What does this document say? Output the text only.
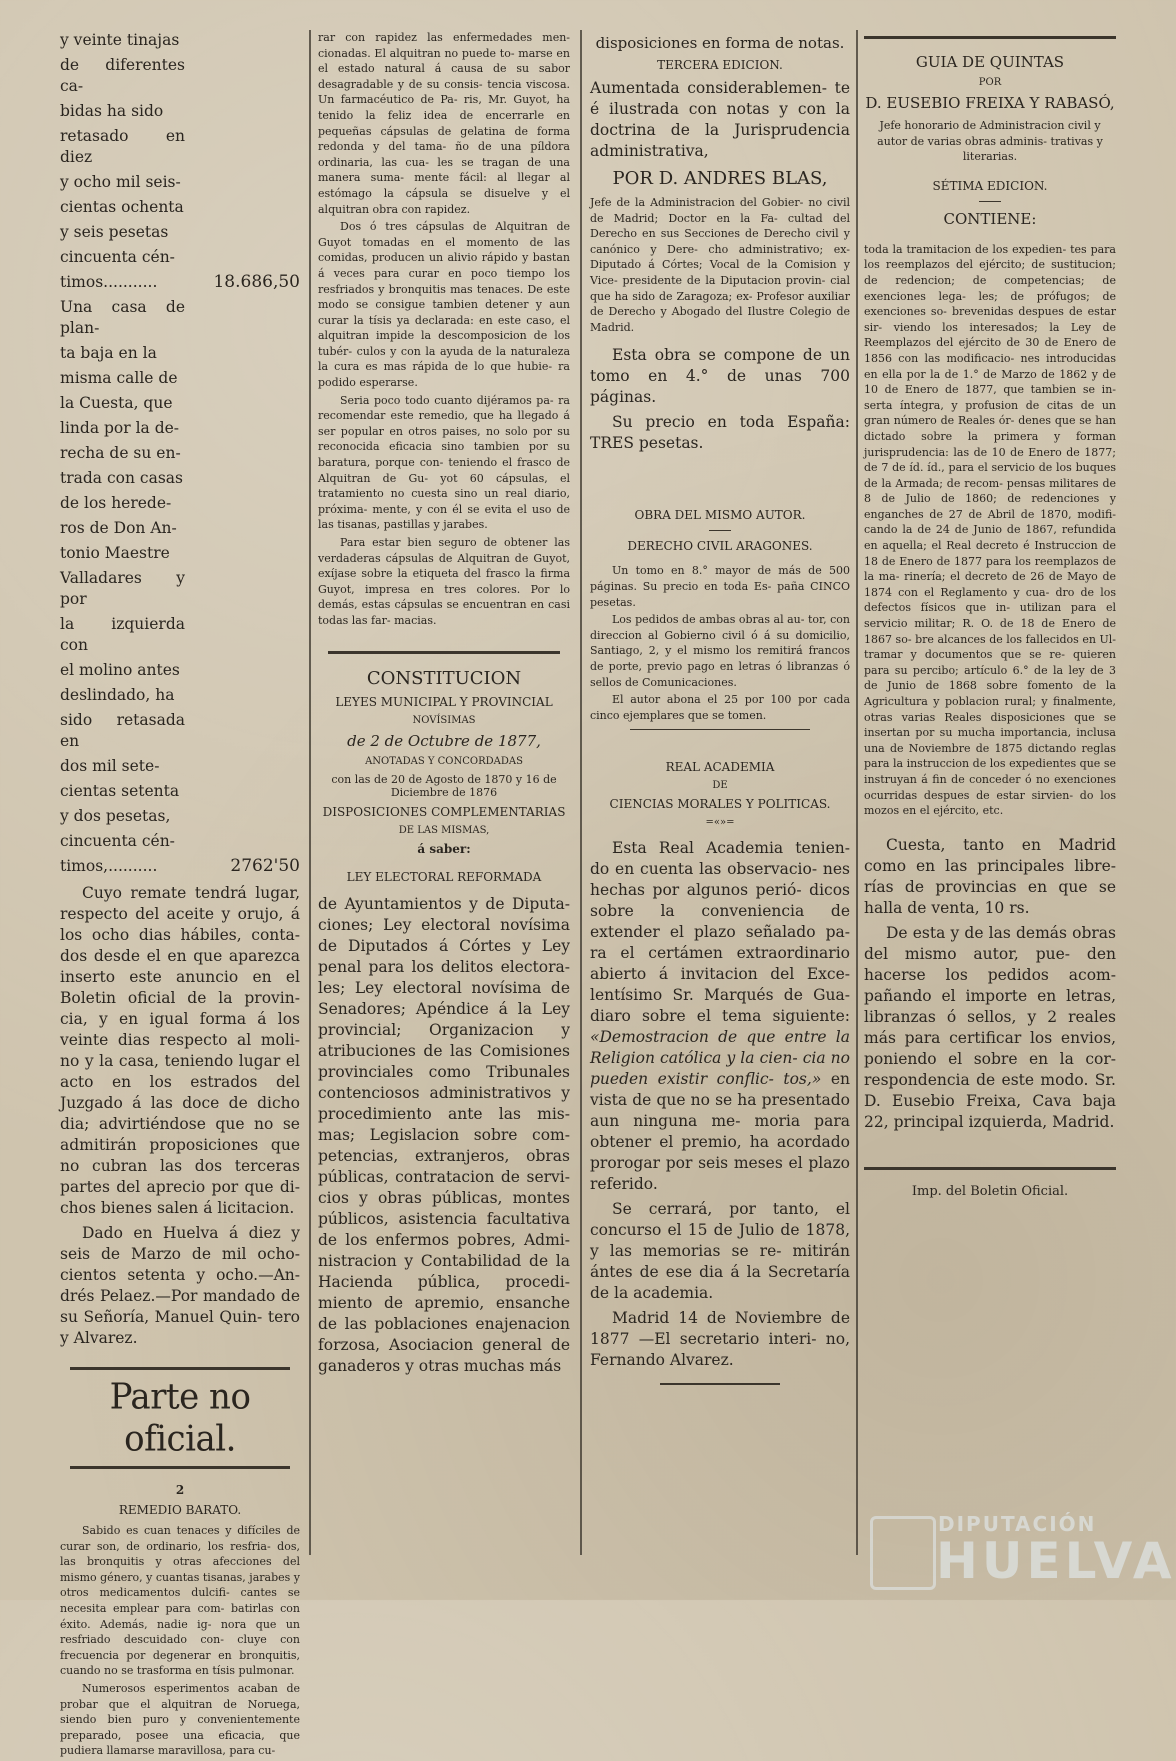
y veinte tinajas
de diferentes ca-
bidas ha sido
retasado en diez
y ocho mil seis-
cientas ochenta
y seis pesetas
cincuenta cén-
timos...........	18.686,50
Una casa de plan-
ta baja en la
misma calle de
la Cuesta, que
linda por la de-
recha de su en-
trada con casas
de los herede-
ros de Don An-
tonio Maestre
Valladares y por
la izquierda con
el molino antes
deslindado, ha
sido retasada en
dos mil sete-
cientas setenta
y dos pesetas,
cincuenta cén-
timos,..........	2762'50

Cuyo remate tendrá lugar, respecto del aceite y orujo, á los ocho dias hábiles, conta- dos desde el en que aparezca inserto este anuncio en el Boletin oficial de la provin- cia, y en igual forma á los veinte dias respecto al moli- no y la casa, teniendo lugar el acto en los estrados del Juzgado á las doce de dicho dia; advirtiéndose que no se admitirán proposiciones que no cubran las dos terceras partes del aprecio por que di- chos bienes salen á licitacion.

Dado en Huelva á diez y seis de Marzo de mil ocho- cientos setenta y ocho.—An- drés Pelaez.—Por mandado de su Señoría, Manuel Quin- tero y Alvarez.

Parte no oficial.
2
REMEDIO BARATO.

Sabido es cuan tenaces y difíciles de curar son, de ordinario, los resfria- dos, las bronquitis y otras afecciones del mismo género, y cuantas tisanas, jarabes y otros medicamentos dulcifi- cantes se necesita emplear para com- batirlas con éxito. Además, nadie ig- nora que un resfriado descuidado con- cluye con frecuencia por degenerar en bronquitis, cuando no se trasforma en tísis pulmonar.

Numerosos esperimentos acaban de probar que el alquitran de Noruega, siendo bien puro y convenientemente preparado, posee una eficacia, que pudiera llamarse maravillosa, para cu-

rar con rapidez las enfermedades men- cionadas. El alquitran no puede to- marse en el estado natural á causa de su sabor desagradable y de su consis- tencia viscosa. Un farmacéutico de Pa- ris, Mr. Guyot, ha tenido la feliz idea de encerrarle en pequeñas cápsulas de gelatina de forma redonda y del tama- ño de una píldora ordinaria, las cua- les se tragan de una manera suma- mente fácil: al llegar al estómago la cápsula se disuelve y el alquitran obra con rapidez.

Dos ó tres cápsulas de Alquitran de Guyot tomadas en el momento de las comidas, producen un alivio rápido y bastan á veces para curar en poco tiempo los resfriados y bronquitis mas tenaces. De este modo se consigue tambien detener y aun curar la tísis ya declarada: en este caso, el alquitran impide la descomposicion de los tubér- culos y con la ayuda de la naturaleza la cura es mas rápida de lo que hubie- ra podido esperarse.

Seria poco todo cuanto dijéramos pa- ra recomendar este remedio, que ha llegado á ser popular en otros paises, no solo por su reconocida eficacia sino tambien por su baratura, porque con- teniendo el frasco de Alquitran de Gu- yot 60 cápsulas, el tratamiento no cuesta sino un real diario, próxima- mente, y con él se evita el uso de las tisanas, pastillas y jarabes.

Para estar bien seguro de obtener las verdaderas cápsulas de Alquitran de Guyot, exíjase sobre la etiqueta del frasco la firma Guyot, impresa en tres colores. Por lo demás, estas cápsulas se encuentran en casi todas las far- macias.

CONSTITUCION
LEYES MUNICIPAL Y PROVINCIAL
NOVÍSIMAS
de 2 de Octubre de 1877,
ANOTADAS Y CONCORDADAS
con las de 20 de Agosto de 1870 y 16 de Diciembre de 1876
DISPOSICIONES COMPLEMENTARIAS
DE LAS MISMAS,
á saber:
LEY ELECTORAL REFORMADA

de Ayuntamientos y de Diputa- ciones; Ley electoral novísima de Diputados á Córtes y Ley penal para los delitos electora- les; Ley electoral novísima de Senadores; Apéndice á la Ley provincial; Organizacion y atribuciones de las Comisiones provinciales como Tribunales contenciosos administrativos y procedimiento ante las mis- mas; Legislacion sobre com- petencias, extranjeros, obras públicas, contratacion de servi- cios y obras públicas, montes públicos, asistencia facultativa de los enfermos pobres, Admi- nistracion y Contabilidad de la Hacienda pública, procedi- miento de apremio, ensanche de las poblaciones enajenacion forzosa, Asociacion general de ganaderos y otras muchas más

disposiciones en forma de notas.
TERCERA EDICION.

Aumentada considerablemen- te é ilustrada con notas y con la doctrina de la Jurisprudencia administrativa,

POR D. ANDRES BLAS,

Jefe de la Administracion del Gobier- no civil de Madrid; Doctor en la Fa- cultad del Derecho en sus Secciones de Derecho civil y canónico y Dere- cho administrativo; ex-Diputado á Córtes; Vocal de la Comision y Vice- presidente de la Diputacion provin- cial que ha sido de Zaragoza; ex- Profesor auxiliar de Derecho y Abogado del Ilustre Colegio de Madrid.

Esta obra se compone de un tomo en 4.° de unas 700 páginas.

Su precio en toda España: TRES pesetas.

OBRA DEL MISMO AUTOR.
DERECHO CIVIL ARAGONES.

Un tomo en 8.° mayor de más de 500 páginas. Su precio en toda Es- paña CINCO pesetas.

Los pedidos de ambas obras al au- tor, con direccion al Gobierno civil ó á su domicilio, Santiago, 2, y el mismo los remitirá francos de porte, previo pago en letras ó libranzas ó sellos de Comunicaciones.

El autor abona el 25 por 100 por cada cinco ejemplares que se tomen.

REAL ACADEMIA
DE
CIENCIAS MORALES Y POLITICAS.
=«»=

Esta Real Academia tenien- do en cuenta las observacio- nes hechas por algunos perió- dicos sobre la conveniencia de extender el plazo señalado pa- ra el certámen extraordinario abierto á invitacion del Exce- lentísimo Sr. Marqués de Gua- diaro sobre el tema siguiente: «Demostracion de que entre la Religion católica y la cien- cia no pueden existir conflic- tos,» en vista de que no se ha presentado aun ninguna me- moria para obtener el premio, ha acordado prorogar por seis meses el plazo referido.

Se cerrará, por tanto, el concurso el 15 de Julio de 1878, y las memorias se re- mitirán ántes de ese dia á la Secretaría de la academia.

Madrid 14 de Noviembre de 1877 —El secretario interi- no, Fernando Alvarez.

GUIA DE QUINTAS
POR
D. EUSEBIO FREIXA Y RABASÓ,

Jefe honorario de Administracion civil y autor de varias obras adminis- trativas y literarias.

SÉTIMA EDICION.
CONTIENE:

toda la tramitacion de los expedien- tes para los reemplazos del ejército; de sustitucion; de redencion; de competencias; de exenciones lega- les; de prófugos; de exenciones so- brevenidas despues de estar sir- viendo los interesados; la Ley de Reemplazos del ejército de 30 de Enero de 1856 con las modificacio- nes introducidas en ella por la de 1.° de Marzo de 1862 y de 10 de Enero de 1877, que tambien se in- serta íntegra, y profusion de citas de un gran número de Reales ór- denes que se han dictado sobre la primera y forman jurisprudencia: las de 10 de Enero de 1877; de 7 de íd. íd., para el servicio de los buques de la Armada; de recom- pensas militares de 8 de Julio de 1860; de redenciones y enganches de 27 de Abril de 1870, modifi- cando la de 24 de Junio de 1867, refundida en aquella; el Real decreto é Instruccion de 18 de Enero de 1877 para los reemplazos de la ma- rinería; el decreto de 26 de Mayo de 1874 con el Reglamento y cua- dro de los defectos físicos que in- utilizan para el servicio militar; R. O. de 18 de Enero de 1867 so- bre alcances de los fallecidos en Ul- tramar y documentos que se re- quieren para su percibo; artículo 6.° de la ley de 3 de Junio de 1868 sobre fomento de la Agricultura y poblacion rural; y finalmente, otras varias Reales disposiciones que se insertan por su mucha importancia, inclusa una de Noviembre de 1875 dictando reglas para la instruccion de los expedientes que se instruyan á fin de conceder ó no exenciones ocurridas despues de estar sirvien- do los mozos en el ejército, etc.

Cuesta, tanto en Madrid como en las principales libre- rías de provincias en que se halla de venta, 10 rs.

De esta y de las demás obras del mismo autor, pue- den hacerse los pedidos acom- pañando el importe en letras, libranzas ó sellos, y 2 reales más para certificar los envios, poniendo el sobre en la cor- respondencia de este modo. Sr. D. Eusebio Freixa, Cava baja 22, principal izquierda, Madrid.

Imp. del Boletin Oficial.
DIPUTACIÓN
HUELVA
